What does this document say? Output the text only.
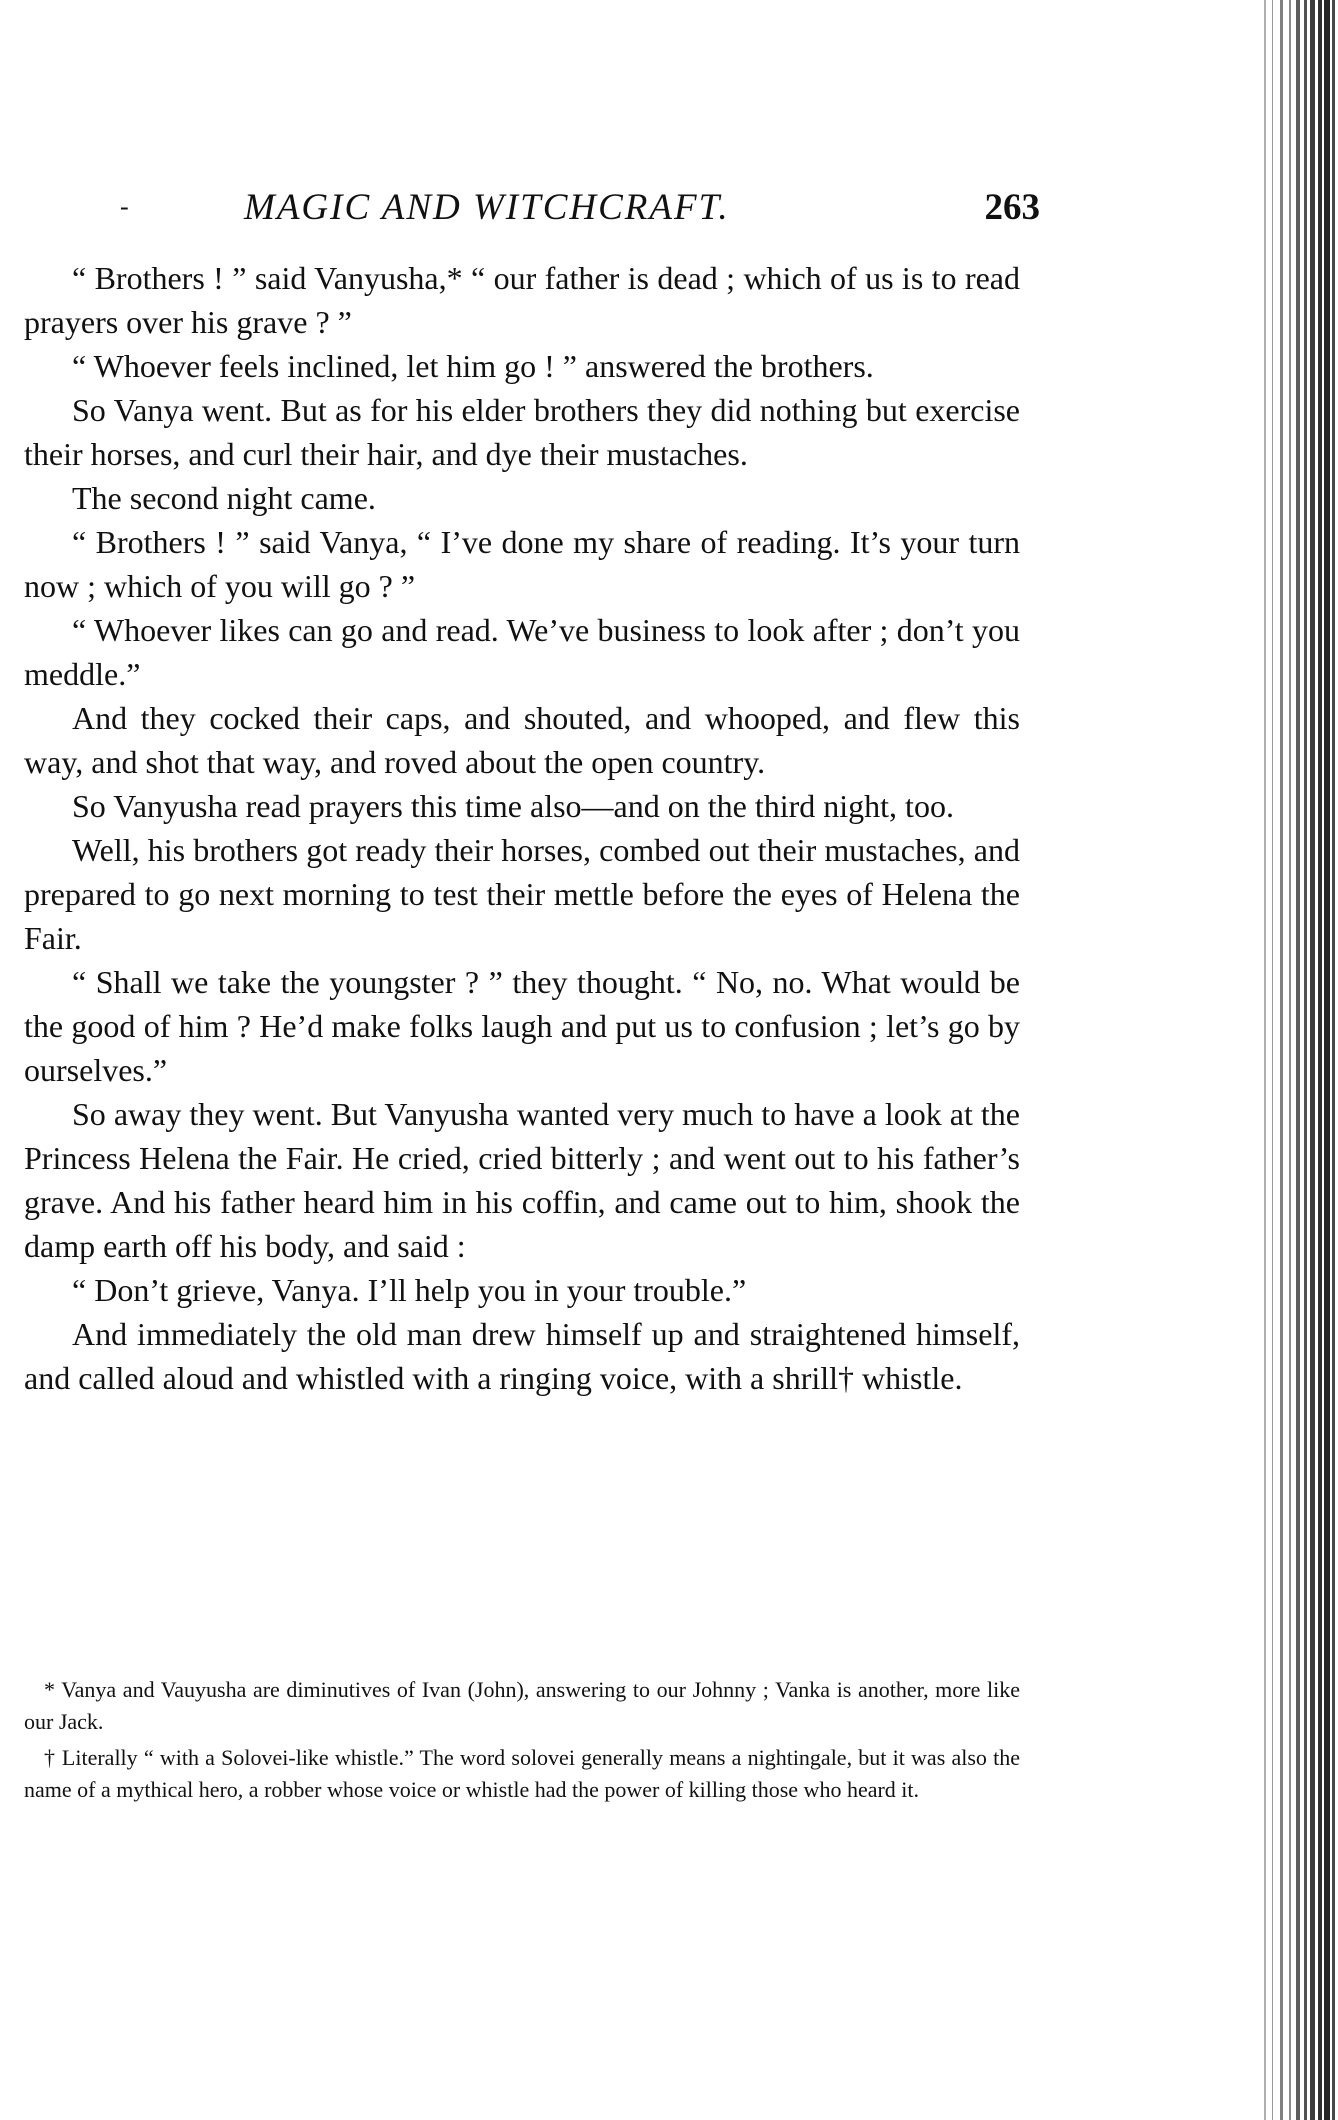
-	MAGIC AND WITCHCRAFT.	263

“ Brothers ! ” said Vanyusha,* “ our father is dead ; which of us is to read prayers over his grave ? ”

“ Whoever feels inclined, let him go ! ” answered the brothers.

So Vanya went. But as for his elder brothers they did nothing but exercise their horses, and curl their hair, and dye their mustaches.

The second night came.

“ Brothers ! ” said Vanya, “ I’ve done my share of reading. It’s your turn now ; which of you will go ? ”

“ Whoever likes can go and read. We’ve business to look after ; don’t you meddle.”

And they cocked their caps, and shouted, and whooped, and flew this way, and shot that way, and roved about the open country.

So Vanyusha read prayers this time also—and on the third night, too.

Well, his brothers got ready their horses, combed out their mustaches, and prepared to go next morning to test their mettle before the eyes of Helena the Fair.

“ Shall we take the youngster ? ” they thought. “ No, no. What would be the good of him ? He’d make folks laugh and put us to confusion ; let’s go by ourselves.”

So away they went. But Vanyusha wanted very much to have a look at the Princess Helena the Fair. He cried, cried bitterly ; and went out to his father’s grave. And his father heard him in his coffin, and came out to him, shook the damp earth off his body, and said :

“ Don’t grieve, Vanya. I’ll help you in your trouble.”

And immediately the old man drew himself up and straightened himself, and called aloud and whistled with a ringing voice, with a shrill† whistle.

* Vanya and Vauyusha are diminutives of Ivan (John), answering to our Johnny ; Vanka is another, more like our Jack.

† Literally “ with a Solovei-like whistle.” The word solovei generally means a nightingale, but it was also the name of a mythical hero, a robber whose voice or whistle had the power of killing those who heard it.
